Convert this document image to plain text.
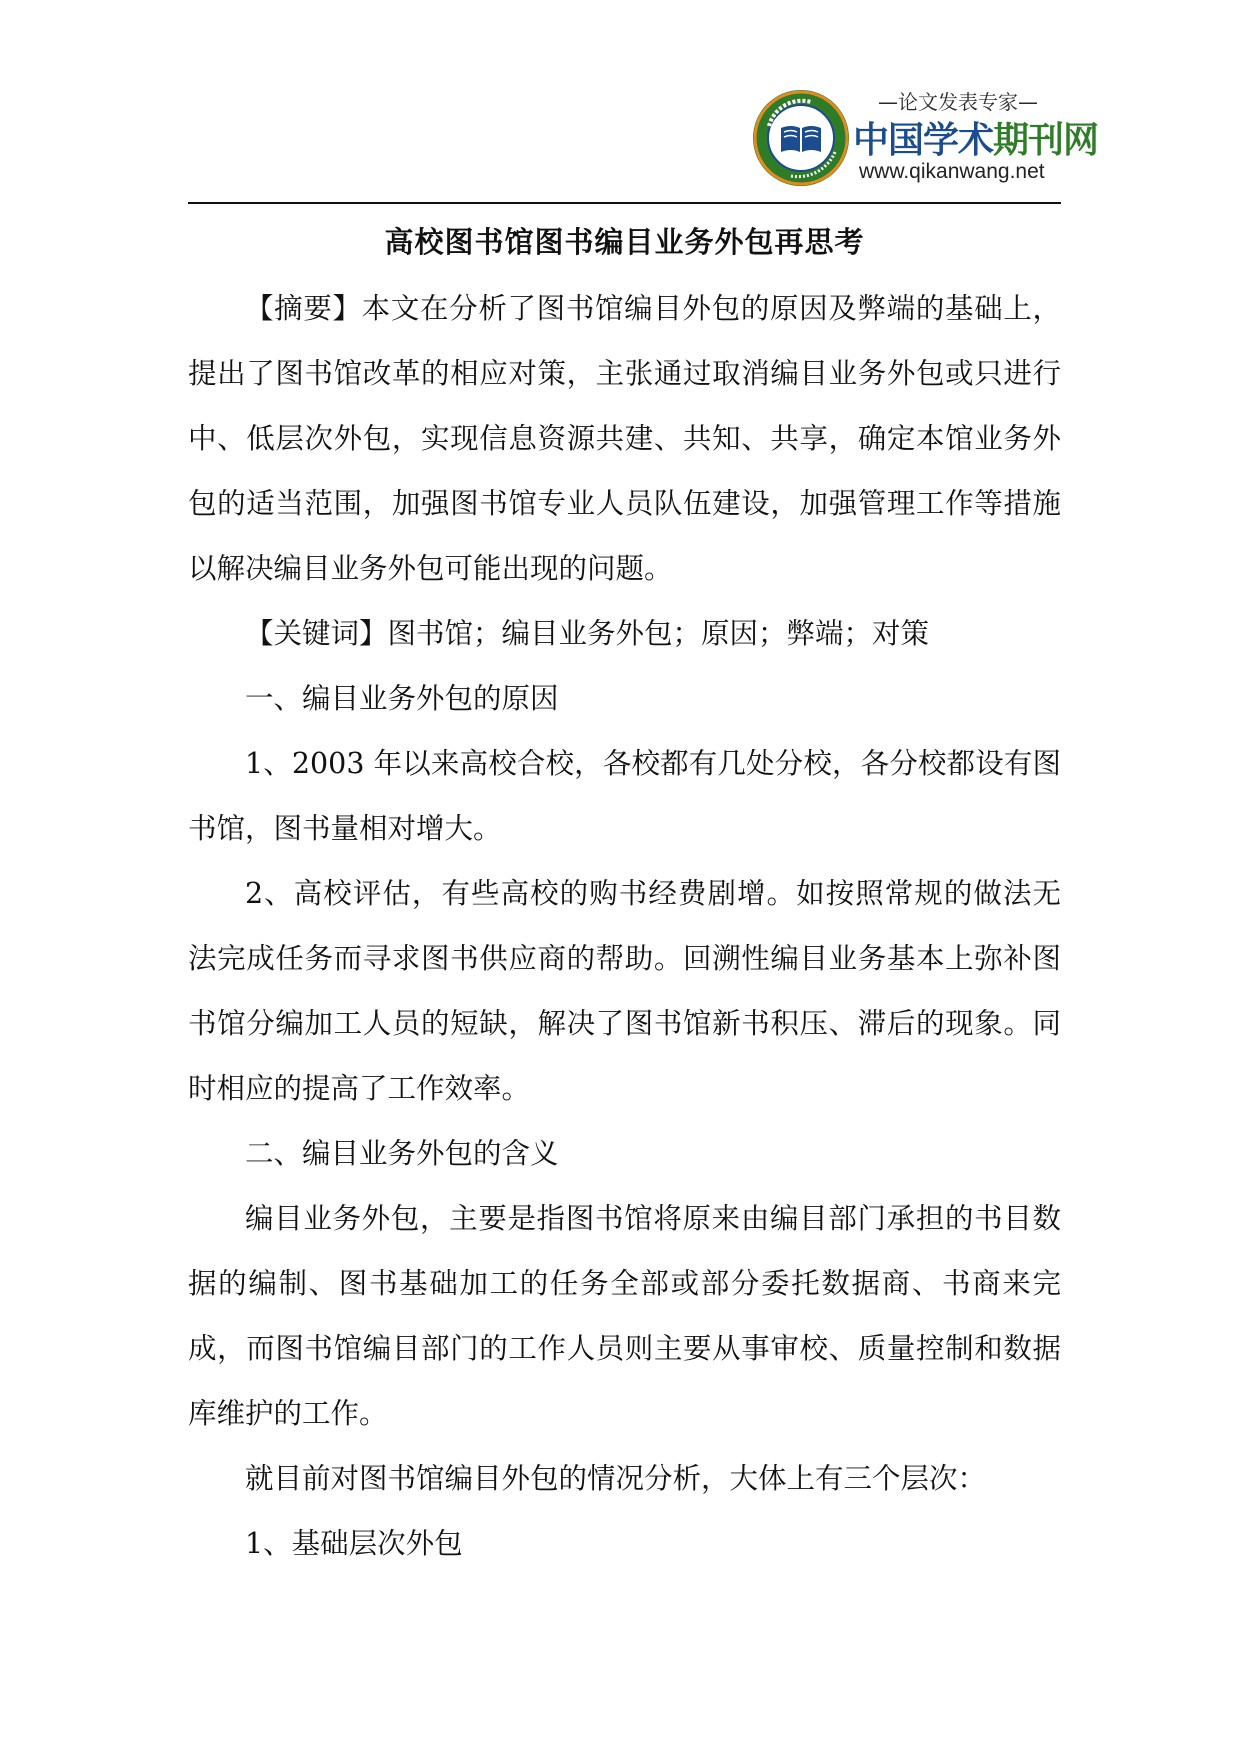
—论文发表专家—
中国学术期刊网
www.qikanwang.net
高校图书馆图书编目业务外包再思考

【摘要】本文在分析了图书馆编目外包的原因及弊端的基础上，提出了图书馆改革的相应对策，主张通过取消编目业务外包或只进行中、低层次外包，实现信息资源共建、共知、共享，确定本馆业务外包的适当范围，加强图书馆专业人员队伍建设，加强管理工作等措施以解决编目业务外包可能出现的问题。

【关键词】图书馆；编目业务外包；原因；弊端；对策

一、编目业务外包的原因

1、2003 年以来高校合校，各校都有几处分校，各分校都设有图书馆，图书量相对增大。

2、高校评估，有些高校的购书经费剧增。如按照常规的做法无法完成任务而寻求图书供应商的帮助。回溯性编目业务基本上弥补图书馆分编加工人员的短缺，解决了图书馆新书积压、滞后的现象。同时相应的提高了工作效率。

二、编目业务外包的含义

编目业务外包，主要是指图书馆将原来由编目部门承担的书目数据的编制、图书基础加工的任务全部或部分委托数据商、书商来完成，而图书馆编目部门的工作人员则主要从事审校、质量控制和数据库维护的工作。

就目前对图书馆编目外包的情况分析，大体上有三个层次：

1、基础层次外包
